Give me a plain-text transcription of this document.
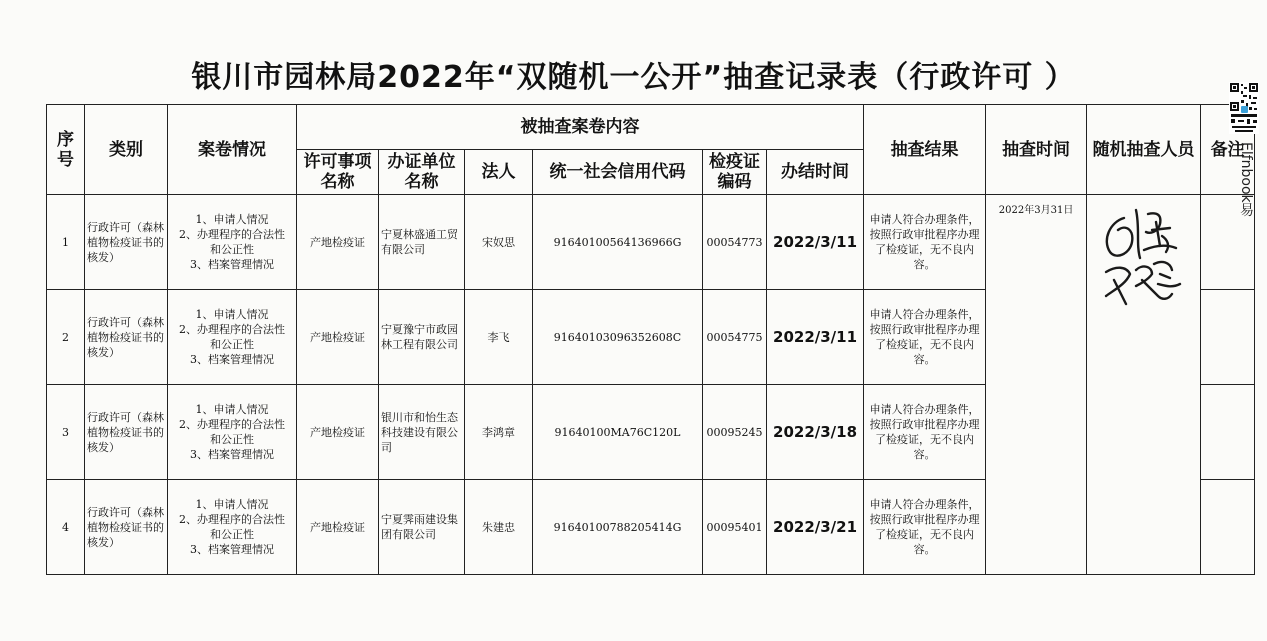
银川市园林局2022年“双随机一公开”抽查记录表（行政许可 ）
序号	类别	案卷情况	被抽查案卷内容						抽查结果	抽查时间	随机抽查人员	备注
			许可事项名称	办证单位名称	法人	统一社会信用代码	检疫证编码	办结时间				
1	行政许可（森林植物检疫证书的核发）	1、申请人情况
2、办理程序的合法性
和公正性
3、档案管理情况	产地检疫证	宁夏林盛通工贸有限公司	宋奴思	91640100564136966G	00054773	2022/3/11	申请人符合办理条件，按照行政审批程序办理了检疫证，无不良内容。	2022年3月31日		
2	行政许可（森林植物检疫证书的核发）	1、申请人情况
2、办理程序的合法性
和公正性
3、档案管理情况	产地检疫证	宁夏豫宁市政园林工程有限公司	李飞	91640103096352608C	00054775	2022/3/11	申请人符合办理条件，按照行政审批程序办理了检疫证，无不良内容。			
3	行政许可（森林植物检疫证书的核发）	1、申请人情况
2、办理程序的合法性
和公正性
3、档案管理情况	产地检疫证	银川市和怡生态科技建设有限公司	李鸿章	91640100MA76C120L	00095245	2022/3/18	申请人符合办理条件，按照行政审批程序办理了检疫证，无不良内容。			
4	行政许可（森林植物检疫证书的核发）	1、申请人情况
2、办理程序的合法性
和公正性
3、档案管理情况	产地检疫证	宁夏霁雨建设集团有限公司	朱建忠	91640100788205414G	00095401	2022/3/21	申请人符合办理条件，按照行政审批程序办理了检疫证，无不良内容。			
Elfnbook易
